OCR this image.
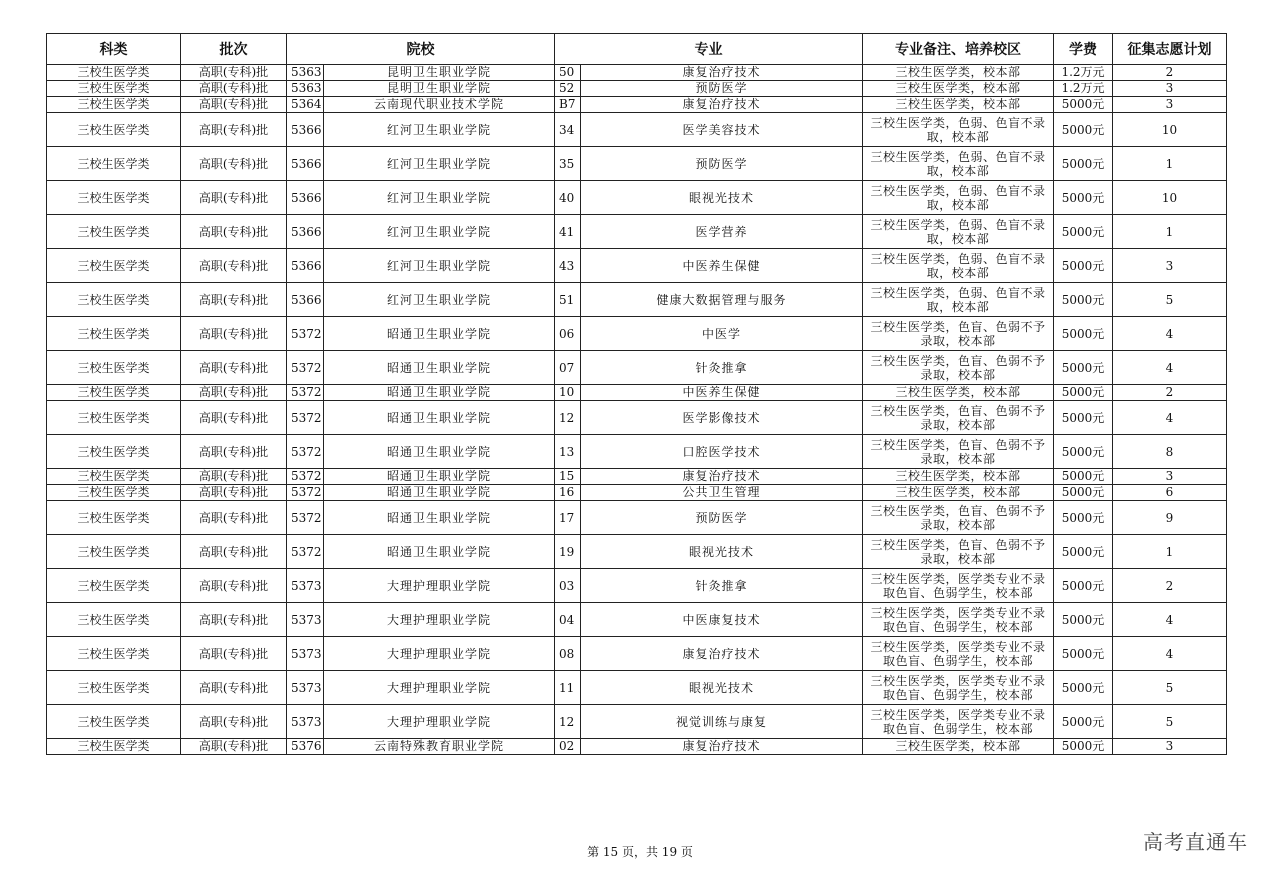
科类	批次	院校		专业		专业备注、培养校区	学费	征集志愿计划
三校生医学类	高职(专科)批	5363	昆明卫生职业学院	50	康复治疗技术	三校生医学类，校本部	1.2万元	2
三校生医学类	高职(专科)批	5363	昆明卫生职业学院	52	预防医学	三校生医学类，校本部	1.2万元	3
三校生医学类	高职(专科)批	5364	云南现代职业技术学院	B7	康复治疗技术	三校生医学类，校本部	5000元	3
三校生医学类	高职(专科)批	5366	红河卫生职业学院	34	医学美容技术	三校生医学类，色弱、色盲不录取，校本部	5000元	10
三校生医学类	高职(专科)批	5366	红河卫生职业学院	35	预防医学	三校生医学类，色弱、色盲不录取，校本部	5000元	1
三校生医学类	高职(专科)批	5366	红河卫生职业学院	40	眼视光技术	三校生医学类，色弱、色盲不录取，校本部	5000元	10
三校生医学类	高职(专科)批	5366	红河卫生职业学院	41	医学营养	三校生医学类，色弱、色盲不录取，校本部	5000元	1
三校生医学类	高职(专科)批	5366	红河卫生职业学院	43	中医养生保健	三校生医学类，色弱、色盲不录取，校本部	5000元	3
三校生医学类	高职(专科)批	5366	红河卫生职业学院	51	健康大数据管理与服务	三校生医学类，色弱、色盲不录取，校本部	5000元	5
三校生医学类	高职(专科)批	5372	昭通卫生职业学院	06	中医学	三校生医学类，色盲、色弱不予录取，校本部	5000元	4
三校生医学类	高职(专科)批	5372	昭通卫生职业学院	07	针灸推拿	三校生医学类，色盲、色弱不予录取，校本部	5000元	4
三校生医学类	高职(专科)批	5372	昭通卫生职业学院	10	中医养生保健	三校生医学类，校本部	5000元	2
三校生医学类	高职(专科)批	5372	昭通卫生职业学院	12	医学影像技术	三校生医学类，色盲、色弱不予录取，校本部	5000元	4
三校生医学类	高职(专科)批	5372	昭通卫生职业学院	13	口腔医学技术	三校生医学类，色盲、色弱不予录取，校本部	5000元	8
三校生医学类	高职(专科)批	5372	昭通卫生职业学院	15	康复治疗技术	三校生医学类，校本部	5000元	3
三校生医学类	高职(专科)批	5372	昭通卫生职业学院	16	公共卫生管理	三校生医学类，校本部	5000元	6
三校生医学类	高职(专科)批	5372	昭通卫生职业学院	17	预防医学	三校生医学类，色盲、色弱不予录取，校本部	5000元	9
三校生医学类	高职(专科)批	5372	昭通卫生职业学院	19	眼视光技术	三校生医学类，色盲、色弱不予录取，校本部	5000元	1
三校生医学类	高职(专科)批	5373	大理护理职业学院	03	针灸推拿	三校生医学类，医学类专业不录取色盲、色弱学生，校本部	5000元	2
三校生医学类	高职(专科)批	5373	大理护理职业学院	04	中医康复技术	三校生医学类，医学类专业不录取色盲、色弱学生，校本部	5000元	4
三校生医学类	高职(专科)批	5373	大理护理职业学院	08	康复治疗技术	三校生医学类，医学类专业不录取色盲、色弱学生，校本部	5000元	4
三校生医学类	高职(专科)批	5373	大理护理职业学院	11	眼视光技术	三校生医学类，医学类专业不录取色盲、色弱学生，校本部	5000元	5
三校生医学类	高职(专科)批	5373	大理护理职业学院	12	视觉训练与康复	三校生医学类，医学类专业不录取色盲、色弱学生，校本部	5000元	5
三校生医学类	高职(专科)批	5376	云南特殊教育职业学院	02	康复治疗技术	三校生医学类，校本部	5000元	3
第 15 页，共 19 页	高考直通车
